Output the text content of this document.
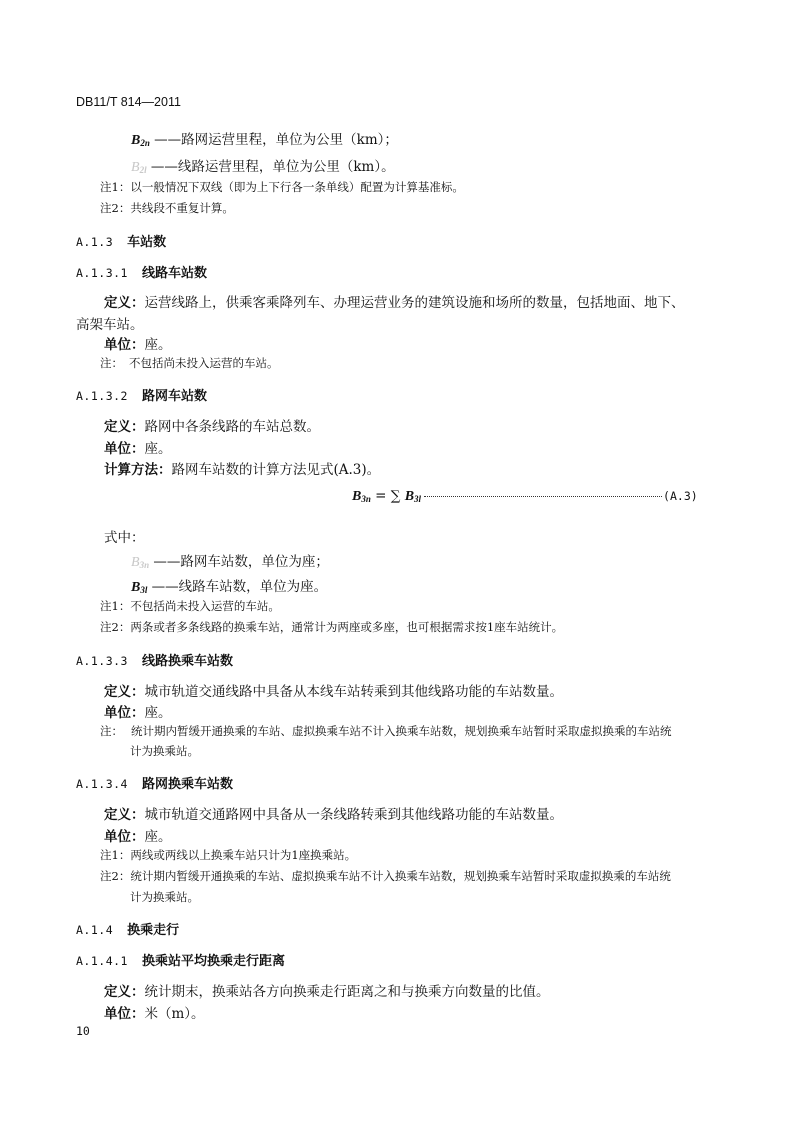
DB11/T 814—2011
$B_{2n}$ ——路网运营里程，单位为公里（km）；
$B_{2l}$ ——线路运营里程，单位为公里（km）。
注1：以一般情况下双线（即为上下行各一条单线）配置为计算基准标。
注2：共线段不重复计算。
A.1.3 车站数
A.1.3.1 线路车站数
定义：运营线路上，供乘客乘降列车、办理运营业务的建筑设施和场所的数量，包括地面、地下、
高架车站。
单位：座。
注： 不包括尚未投入运营的车站。
A.1.3.2 路网车站数
定义：路网中各条线路的车站总数。
单位：座。
计算方法：路网车站数的计算方法见式(A.3)。
$B_{3n}$ = ∑ $B_{3l}$	(A.3)
式中：
$B_{3n}$ ——路网车站数，单位为座；
$B_{3l}$ ——线路车站数，单位为座。
注1：不包括尚未投入运营的车站。
注2：两条或者多条线路的换乘车站，通常计为两座或多座，也可根据需求按1座车站统计。
A.1.3.3 线路换乘车站数
定义：城市轨道交通线路中具备从本线车站转乘到其他线路功能的车站数量。
单位：座。
注： 统计期内暂缓开通换乘的车站、虚拟换乘车站不计入换乘车站数，规划换乘车站暂时采取虚拟换乘的车站统
计为换乘站。
A.1.3.4 路网换乘车站数
定义：城市轨道交通路网中具备从一条线路转乘到其他线路功能的车站数量。
单位：座。
注1：两线或两线以上换乘车站只计为1座换乘站。
注2：统计期内暂缓开通换乘的车站、虚拟换乘车站不计入换乘车站数，规划换乘车站暂时采取虚拟换乘的车站统
计为换乘站。
A.1.4 换乘走行
A.1.4.1 换乘站平均换乘走行距离
定义：统计期末，换乘站各方向换乘走行距离之和与换乘方向数量的比值。
单位：米（m）。
10
